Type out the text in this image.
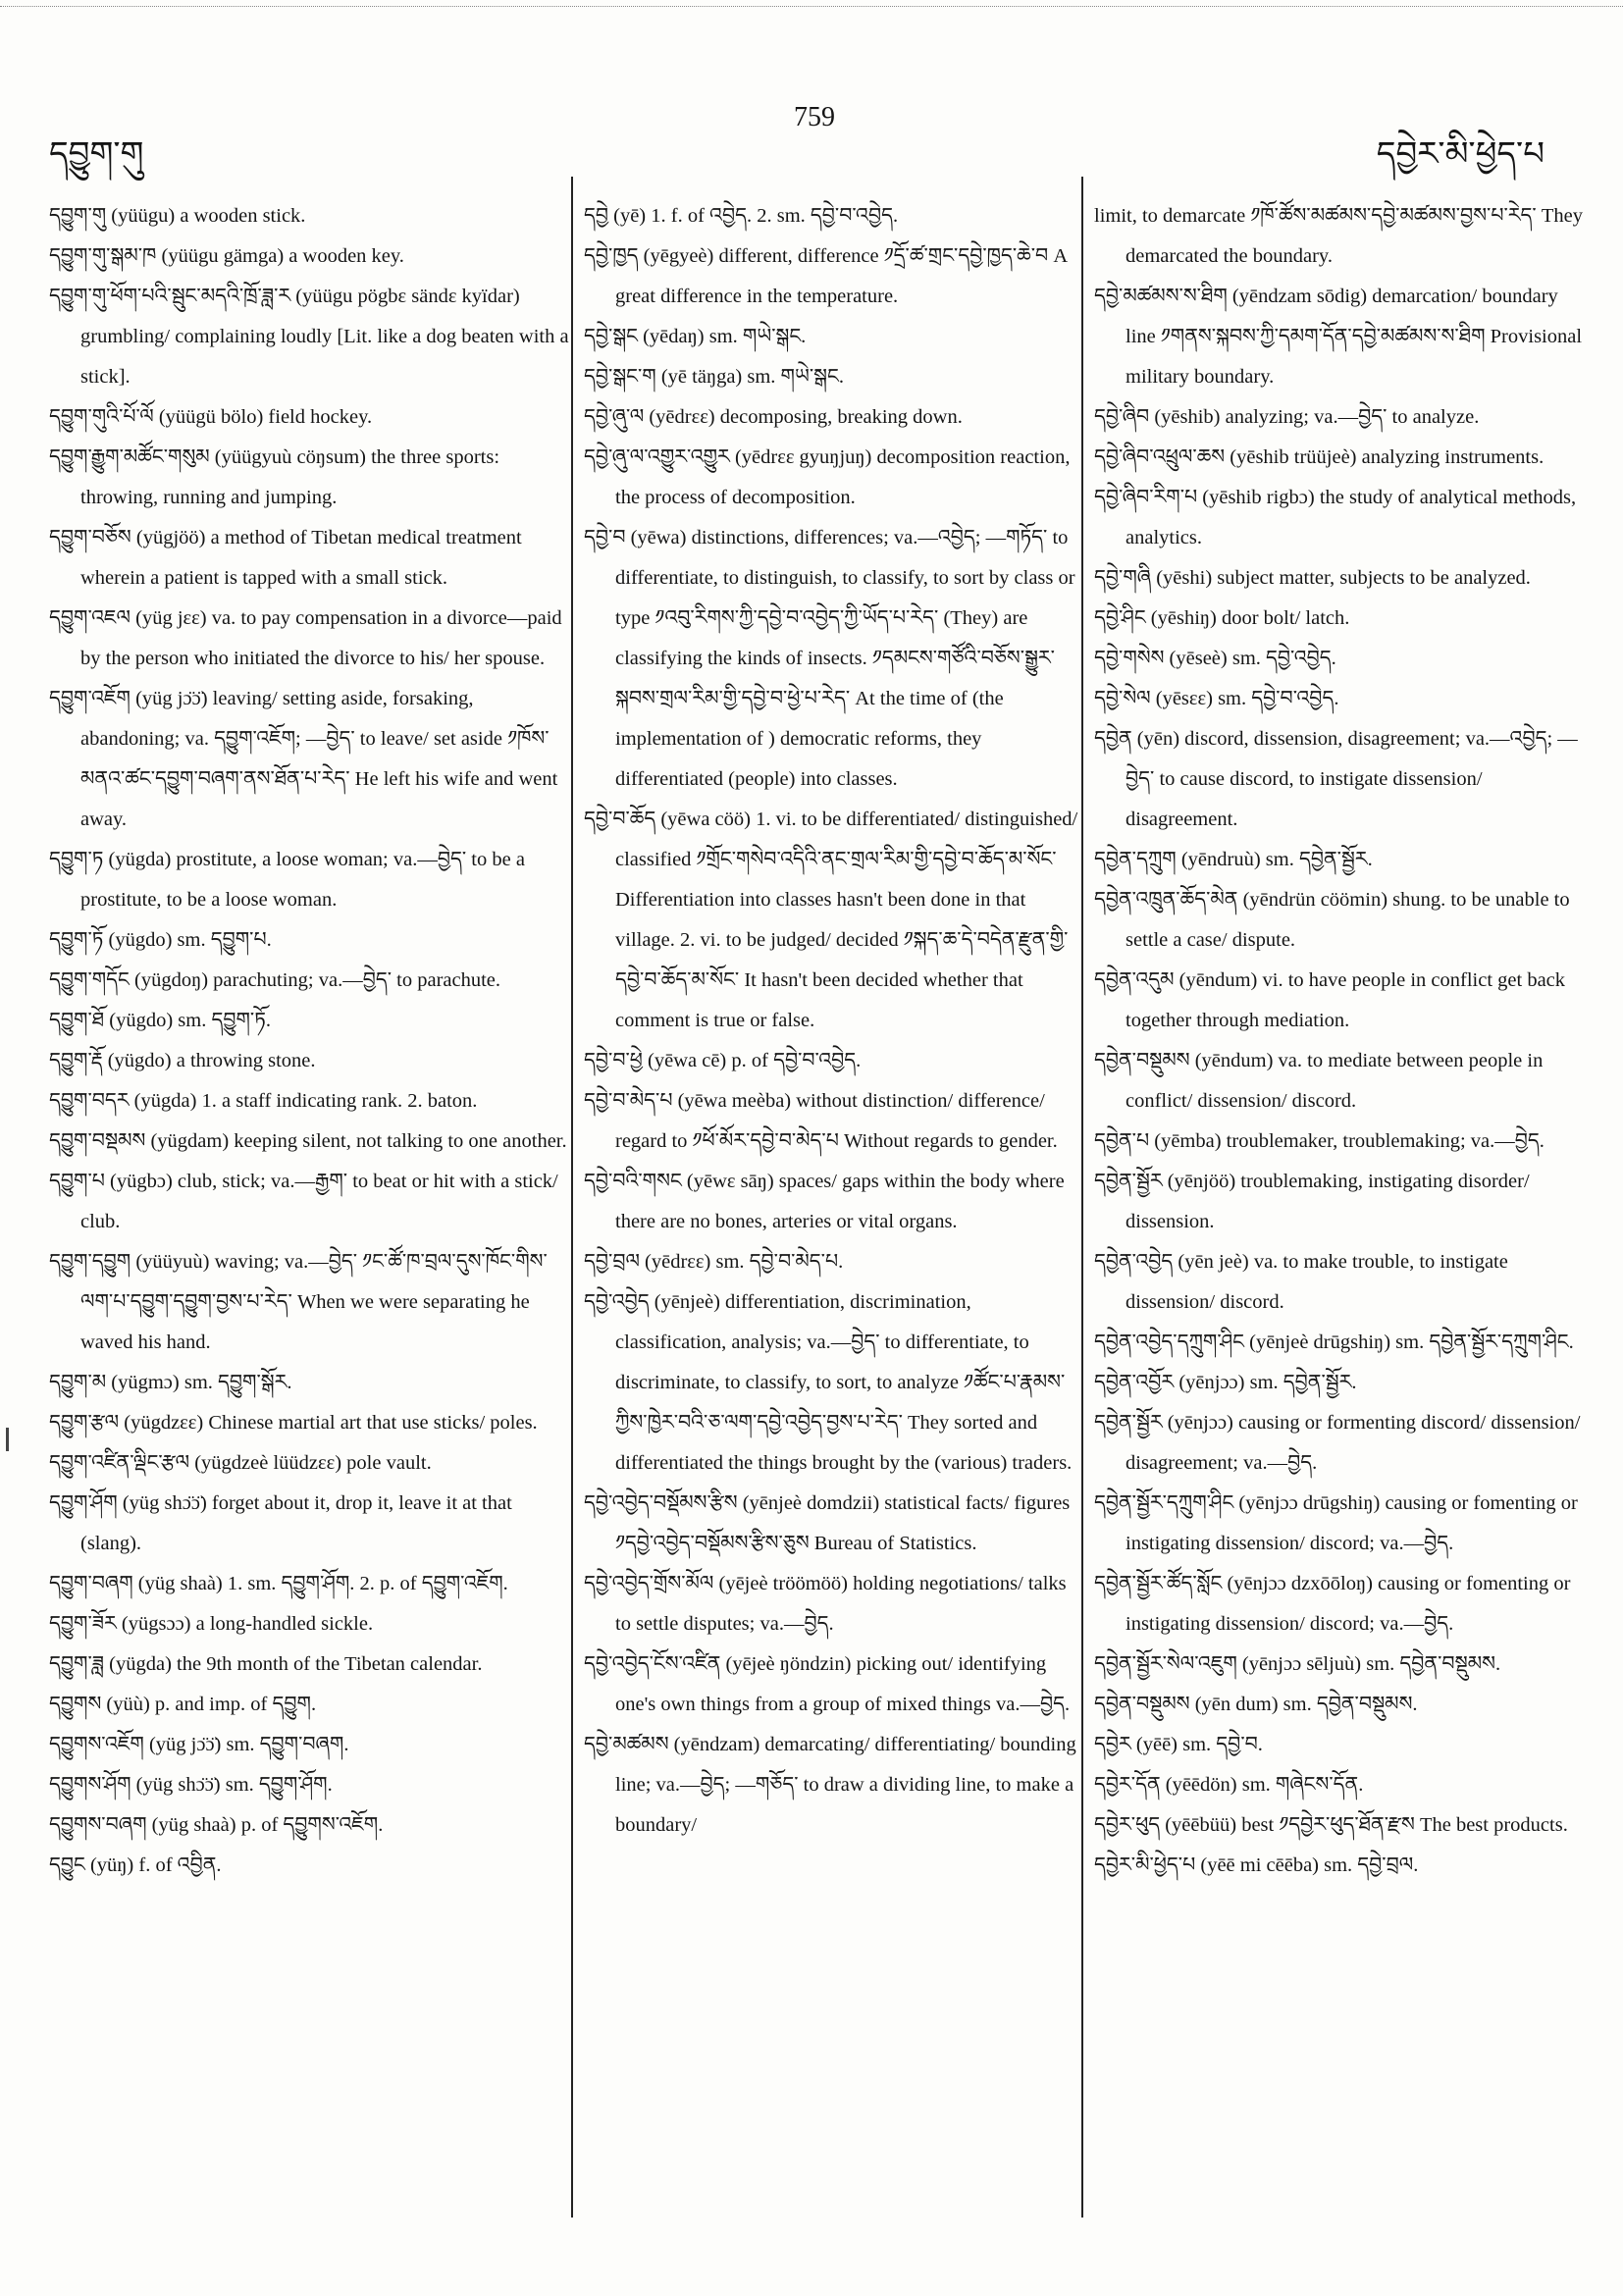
དབྱུག་གུ
759
དབྱེར་མི་ཕྱེད་པ

དབྱུག་གུ (yüügu) a wooden stick.

དབྱུག་གུ་སྒམ་ཁ (yüügu gämga) a wooden key.

དབྱུག་གུ་ཕོག་པའི་སྦུང་མདའི་ཁྲོ་ཟླ་ར (yüügu pögbɛ sändɛ kyïdar) grumbling/ complaining loudly [Lit. like a dog beaten with a stick].

དབྱུག་གུའི་པོ་ལོ (yüügü bölo) field hockey.

དབྱུག་རྒྱུག་མཚོང་གསུམ (yüügyuù cöŋsum) the three sports: throwing, running and jumping.

དབྱུག་བཅོས (yügjöö) a method of Tibetan medical treatment wherein a patient is tapped with a small stick.

དབྱུག་འཇལ (yüg jɛɛ) va. to pay compensation in a divorce—paid by the person who initiated the divorce to his/ her spouse.

དབྱུག་འཇོག (yüg jɔ̈ɔ̈) leaving/ setting aside, forsaking, abandoning; va. དབྱུག་འཇོག; —བྱེད་ to leave/ set aside ༡ཁོས་མནའ་ཚང་དབྱུག་བཞག་ནས་ཐོན་པ་རེད་ He left his wife and went away.

དབྱུག་ཏ (yügda) prostitute, a loose woman; va.—བྱེད་ to be a prostitute, to be a loose woman.

དབྱུག་ཏོ (yügdo) sm. དབྱུག་པ.

དབྱུག་གདོང (yügdoŋ) parachuting; va.—བྱེད་ to parachute.

དབྱུག་ཐོ (yügdo) sm. དབྱུག་ཏོ.

དབྱུག་རྡོ (yügdo) a throwing stone.

དབྱུག་བདར (yügda) 1. a staff indicating rank. 2. baton.

དབྱུག་བསྡམས (yügdam) keeping silent, not talking to one another.

དབྱུག་པ (yügbɔ) club, stick; va.—རྒྱག་ to beat or hit with a stick/ club.

དབྱུག་དབྱུག (yüüyuù) waving; va.—བྱེད་ ༡ང་ཚོ་ཁ་བྲལ་དུས་ཁོང་གིས་ལག་པ་དབྱུག་དབྱུག་བྱས་པ་རེད་ When we were separating he waved his hand.

དབྱུག་མ (yügmɔ) sm. དབྱུག་སྒོར.

དབྱུག་རྩལ (yügdzɛɛ) Chinese martial art that use sticks/ poles.

དབྱུག་འཛིན་ལྡིང་རྩལ (yügdzeè lüüdzɛɛ) pole vault.

དབྱུག་ཤོག (yüg shɔ̈ɔ̈) forget about it, drop it, leave it at that (slang).

དབྱུག་བཞག (yüg shaà) 1. sm. དབྱུག་ཤོག. 2. p. of དབྱུག་འཇོག.

དབྱུག་ཟོར (yügsɔɔ) a long-handled sickle.

དབྱུག་ཟླ (yügda) the 9th month of the Tibetan calendar.

དབྱུགས (yüù) p. and imp. of དབྱུག.

དབྱུགས་འཇོག (yüg jɔ̈ɔ̈) sm. དབྱུག་བཞག.

དབྱུགས་ཤོག (yüg shɔ̈ɔ̈) sm. དབྱུག་ཤོག.

དབྱུགས་བཞག (yüg shaà) p. of དབྱུགས་འཇོག.

དབྱུང (yüŋ) f. of འབྱིན.

དབྱེ (yē) 1. f. of འབྱེད. 2. sm. དབྱེ་བ་འབྱེད.

དབྱེ་ཁྱད (yēgyeè) different, difference ༡དྲོ་ཚ་གྲང་དབྱེ་ཁྱད་ཆེ་བ A great difference in the temperature.

དབྱེ་སྒང (yēdaŋ) sm. གཡེ་སྒང.

དབྱེ་སྒང་ག (yē täŋga) sm. གཡེ་སྒང.

དབྱེ་ཞུ་ལ (yēdrɛɛ) decomposing, breaking down.

དབྱེ་ཞུ་ལ་འགྱུར་འགྱུར (yēdrɛɛ gyuŋjuŋ) decomposition reaction, the process of decomposition.

དབྱེ་བ (yēwa) distinctions, differences; va.—འབྱེད; —གཏོད་ to differentiate, to distinguish, to classify, to sort by class or type ༡འབུ་རིགས་ཀྱི་དབྱེ་བ་འབྱེད་ཀྱི་ཡོད་པ་རེད་ (They) are classifying the kinds of insects. ༡དམངས་གཙོའི་བཅོས་སྒྱུར་སྐབས་གྲལ་རིམ་གྱི་དབྱེ་བ་ཕྱེ་པ་རེད་ At the time of (the implementation of ) democratic reforms, they differentiated (people) into classes.

དབྱེ་བ་ཆོད (yēwa cöö) 1. vi. to be differentiated/ distinguished/ classified ༡གྲོང་གསེབ་འདིའི་ནང་གྲལ་རིམ་གྱི་དབྱེ་བ་ཆོད་མ་སོང་ Differentiation into classes hasn't been done in that village. 2. vi. to be judged/ decided ༡སྐད་ཆ་དེ་བདེན་རྫུན་གྱི་དབྱེ་བ་ཆོད་མ་སོང་ It hasn't been decided whether that comment is true or false.

དབྱེ་བ་ཕྱེ (yēwa cē) p. of དབྱེ་བ་འབྱེད.

དབྱེ་བ་མེད་པ (yēwa meèba) without distinction/ difference/ regard to ༡ཕོ་མོར་དབྱེ་བ་མེད་པ Without regards to gender.

དབྱེ་བའི་གསང (yēwɛ sāŋ) spaces/ gaps within the body where there are no bones, arteries or vital organs.

དབྱེ་བྲལ (yēdrɛɛ) sm. དབྱེ་བ་མེད་པ.

དབྱེ་འབྱེད (yēnjeè) differentiation, discrimination, classification, analysis; va.—བྱེད་ to differentiate, to discriminate, to classify, to sort, to analyze ༡ཚོང་པ་རྣམས་ཀྱིས་ཁྱེར་བའི་ཅ་ལག་དབྱེ་འབྱེད་བྱས་པ་རེད་ They sorted and differentiated the things brought by the (various) traders.

དབྱེ་འབྱེད་བསྡོམས་རྩིས (yēnjeè domdzii) statistical facts/ figures ༡དབྱེ་འབྱེད་བསྡོམས་རྩིས་ཅུས Bureau of Statistics.

དབྱེ་འབྱེད་གྲོས་མོལ (yējeè tröömöö) holding negotiations/ talks to settle disputes; va.—བྱེད.

དབྱེ་འབྱེད་ངོས་འཛིན (yējeè ŋöndzin) picking out/ identifying one's own things from a group of mixed things va.—བྱེད.

དབྱེ་མཚམས (yēndzam) demarcating/ differentiating/ bounding line; va.—བྱེད; —གཅོད་ to draw a dividing line, to make a boundary/

limit, to demarcate ༡ཁོ་ཚོས་མཚམས་དབྱེ་མཚམས་བྱས་པ་རེད་ They demarcated the boundary.

དབྱེ་མཚམས་ས་ཐིག (yēndzam sōdig) demarcation/ boundary line ༡གནས་སྐབས་ཀྱི་དམག་དོན་དབྱེ་མཚམས་ས་ཐིག Provisional military boundary.

དབྱེ་ཞིབ (yēshib) analyzing; va.—བྱེད་ to analyze.

དབྱེ་ཞིབ་འཕྲུལ་ཆས (yēshib trüüjeè) analyzing instruments.

དབྱེ་ཞིབ་རིག་པ (yēshib rigbɔ) the study of analytical methods, analytics.

དབྱེ་གཞི (yēshi) subject matter, subjects to be analyzed.

དབྱེ་ཤིང (yēshiŋ) door bolt/ latch.

དབྱེ་གསེས (yēseè) sm. དབྱེ་འབྱེད.

དབྱེ་སེལ (yēsɛɛ) sm. དབྱེ་བ་འབྱེད.

དབྱེན (yēn) discord, dissension, disagreement; va.—འབྱེད; —བྱེད་ to cause discord, to instigate dissension/ disagreement.

དབྱེན་དཀྲུག (yēndruù) sm. དབྱེན་སྦྱོར.

དབྱེན་འཁྲུན་ཆོད་མེན (yēndrün cöömin) shung. to be unable to settle a case/ dispute.

དབྱེན་འདུམ (yēndum) vi. to have people in conflict get back together through mediation.

དབྱེན་བསྡུམས (yēndum) va. to mediate between people in conflict/ dissension/ discord.

དབྱེན་པ (yēmba) troublemaker, troublemaking; va.—བྱེད.

དབྱེན་སྦྱོར (yēnjöö) troublemaking, instigating disorder/ dissension.

དབྱེན་འབྱེད (yēn jeè) va. to make trouble, to instigate dissension/ discord.

དབྱེན་འབྱེད་དཀྲུག་ཤིང (yēnjeè drūgshiŋ) sm. དབྱེན་སྦྱོར་དཀྲུག་ཤིང.

དབྱེན་འབྱོར (yēnjɔɔ) sm. དབྱེན་སྦྱོར.

དབྱེན་སྦྱོར (yēnjɔɔ) causing or formenting discord/ dissension/ disagreement; va.—བྱེད.

དབྱེན་སྦྱོར་དཀྲུག་ཤིང (yēnjɔɔ drūgshiŋ) causing or fomenting or instigating dissension/ discord; va.—བྱེད.

དབྱེན་སྦྱོར་ཚོད་སློང (yēnjɔɔ dzxōōloŋ) causing or fomenting or instigating dissension/ discord; va.—བྱེད.

དབྱེན་སྦྱོར་སེལ་འཇུག (yēnjɔɔ sēljuù) sm. དབྱེན་བསྡུམས.

དབྱེན་བསྡུམས (yēn dum) sm. དབྱེན་བསྡུམས.

དབྱེར (yēē) sm. དབྱེ་བ.

དབྱེར་དོན (yēēdön) sm. གཞེངས་དོན.

དབྱེར་ཕུད (yēēbüü) best ༡དབྱེར་ཕུད་ཐོན་རྫས The best products.

དབྱེར་མི་ཕྱེད་པ (yēē mi cēēba) sm. དབྱེ་བྲལ.
